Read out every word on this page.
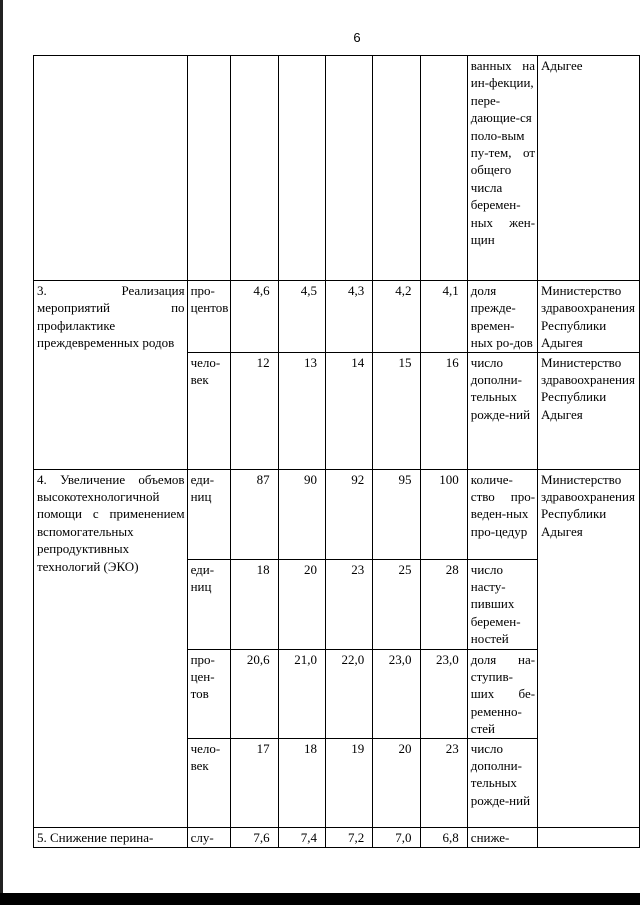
6
							ванных на ин-фекции, пере-дающие-ся поло-вым пу-тем, от общего числа беремен-ных жен-щин	Адыгее
3. Реализация мероприятий по профилактике преждевременных родов	про-центов	4,6	4,5	4,3	4,2	4,1	доля прежде-времен-ных ро-дов	Министерство здравоохранения Республики Адыгея
	чело-век	12	13	14	15	16	число дополни-тельных рожде-ний	Министерство здравоохранения Республики Адыгея
4. Увеличение объемов высокотехнологичной помощи с применением вспомогательных репродуктивных технологий (ЭКО)	еди-ниц	87	90	92	95	100	количе-ство про-веден-ных про-цедур	Министерство здравоохранения Республики Адыгея
	еди-ниц	18	20	23	25	28	число насту-пивших беремен-ностей	
	про-цен-тов	20,6	21,0	22,0	23,0	23,0	доля на-ступив-ших бе-ременно-стей	
	чело-век	17	18	19	20	23	число дополни-тельных рожде-ний	
5. Снижение перина-	слу-	7,6	7,4	7,2	7,0	6,8	сниже-	
